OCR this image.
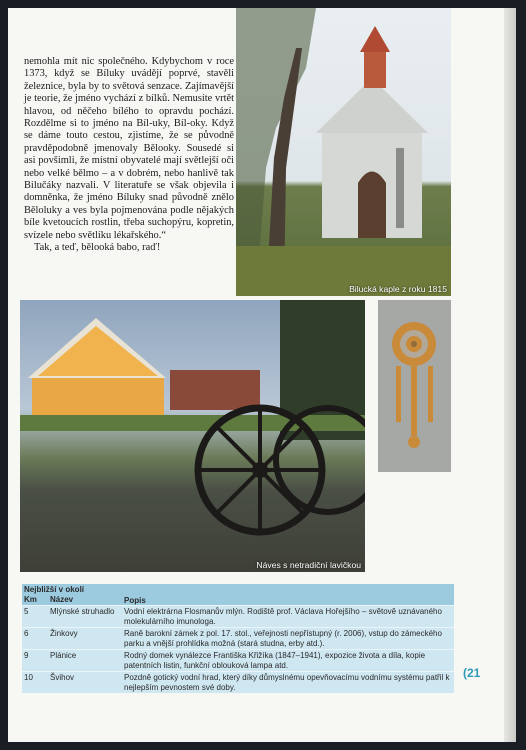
nemohla mít nic společného. Kdybychom v roce 1373, když se Bíluky uvádějí poprvé, stavěli železnice, byla by to světová senzace. Zajímavější je teorie, že jméno vychází z bílků. Nemusíte vrtět hlavou, od něčeho bílého to opravdu pochází. Rozdělme si to jméno na Bíl-uky, Bíl-oky. Když se dáme touto cestou, zjistíme, že se původně pravděpodobně jmenovaly Bělooky. Sousedé si asi povšimli, že místní obyvatelé mají světlejší oči nebo velké bělmo – a v dobrém, nebo hanlivě tak Bilučáky nazvali. V literatuře se však objevila i domněnka, že jméno Bíluky snad původně znělo Běloluky a ves byla pojmenována podle nějakých bíle kvetoucích rostlin, třeba suchopýru, kopretin, svízele nebo světlíku lékařského.“

Tak, a teď, bělooká babo, raď!

Bilucká kaple z roku 1815
Náves s netradiční lavičkou
Nejbližší v okolí
Km	Název	Popis
5	Mlýnské struhadlo	Vodní elektrárna Flosmanův mlýn. Rodiště prof. Václava Hořejšího – světově uznávaného molekulárního imunologa.
6	Žinkovy	Raně barokní zámek z pol. 17. stol., veřejnosti nepřístupný (r. 2006), vstup do zámeckého parku a vnější prohlídka možná (stará studna, erby atd.).
9	Plánice	Rodný domek vynálezce Františka Křižíka (1847–1941), expozice života a díla, kopie patentních listin, funkční oblouková lampa atd.
10	Švihov	Pozdně gotický vodní hrad, který díky důmyslnému opevňovacímu vodnímu systému patřil k nejlepším pevnostem své doby.
(21
